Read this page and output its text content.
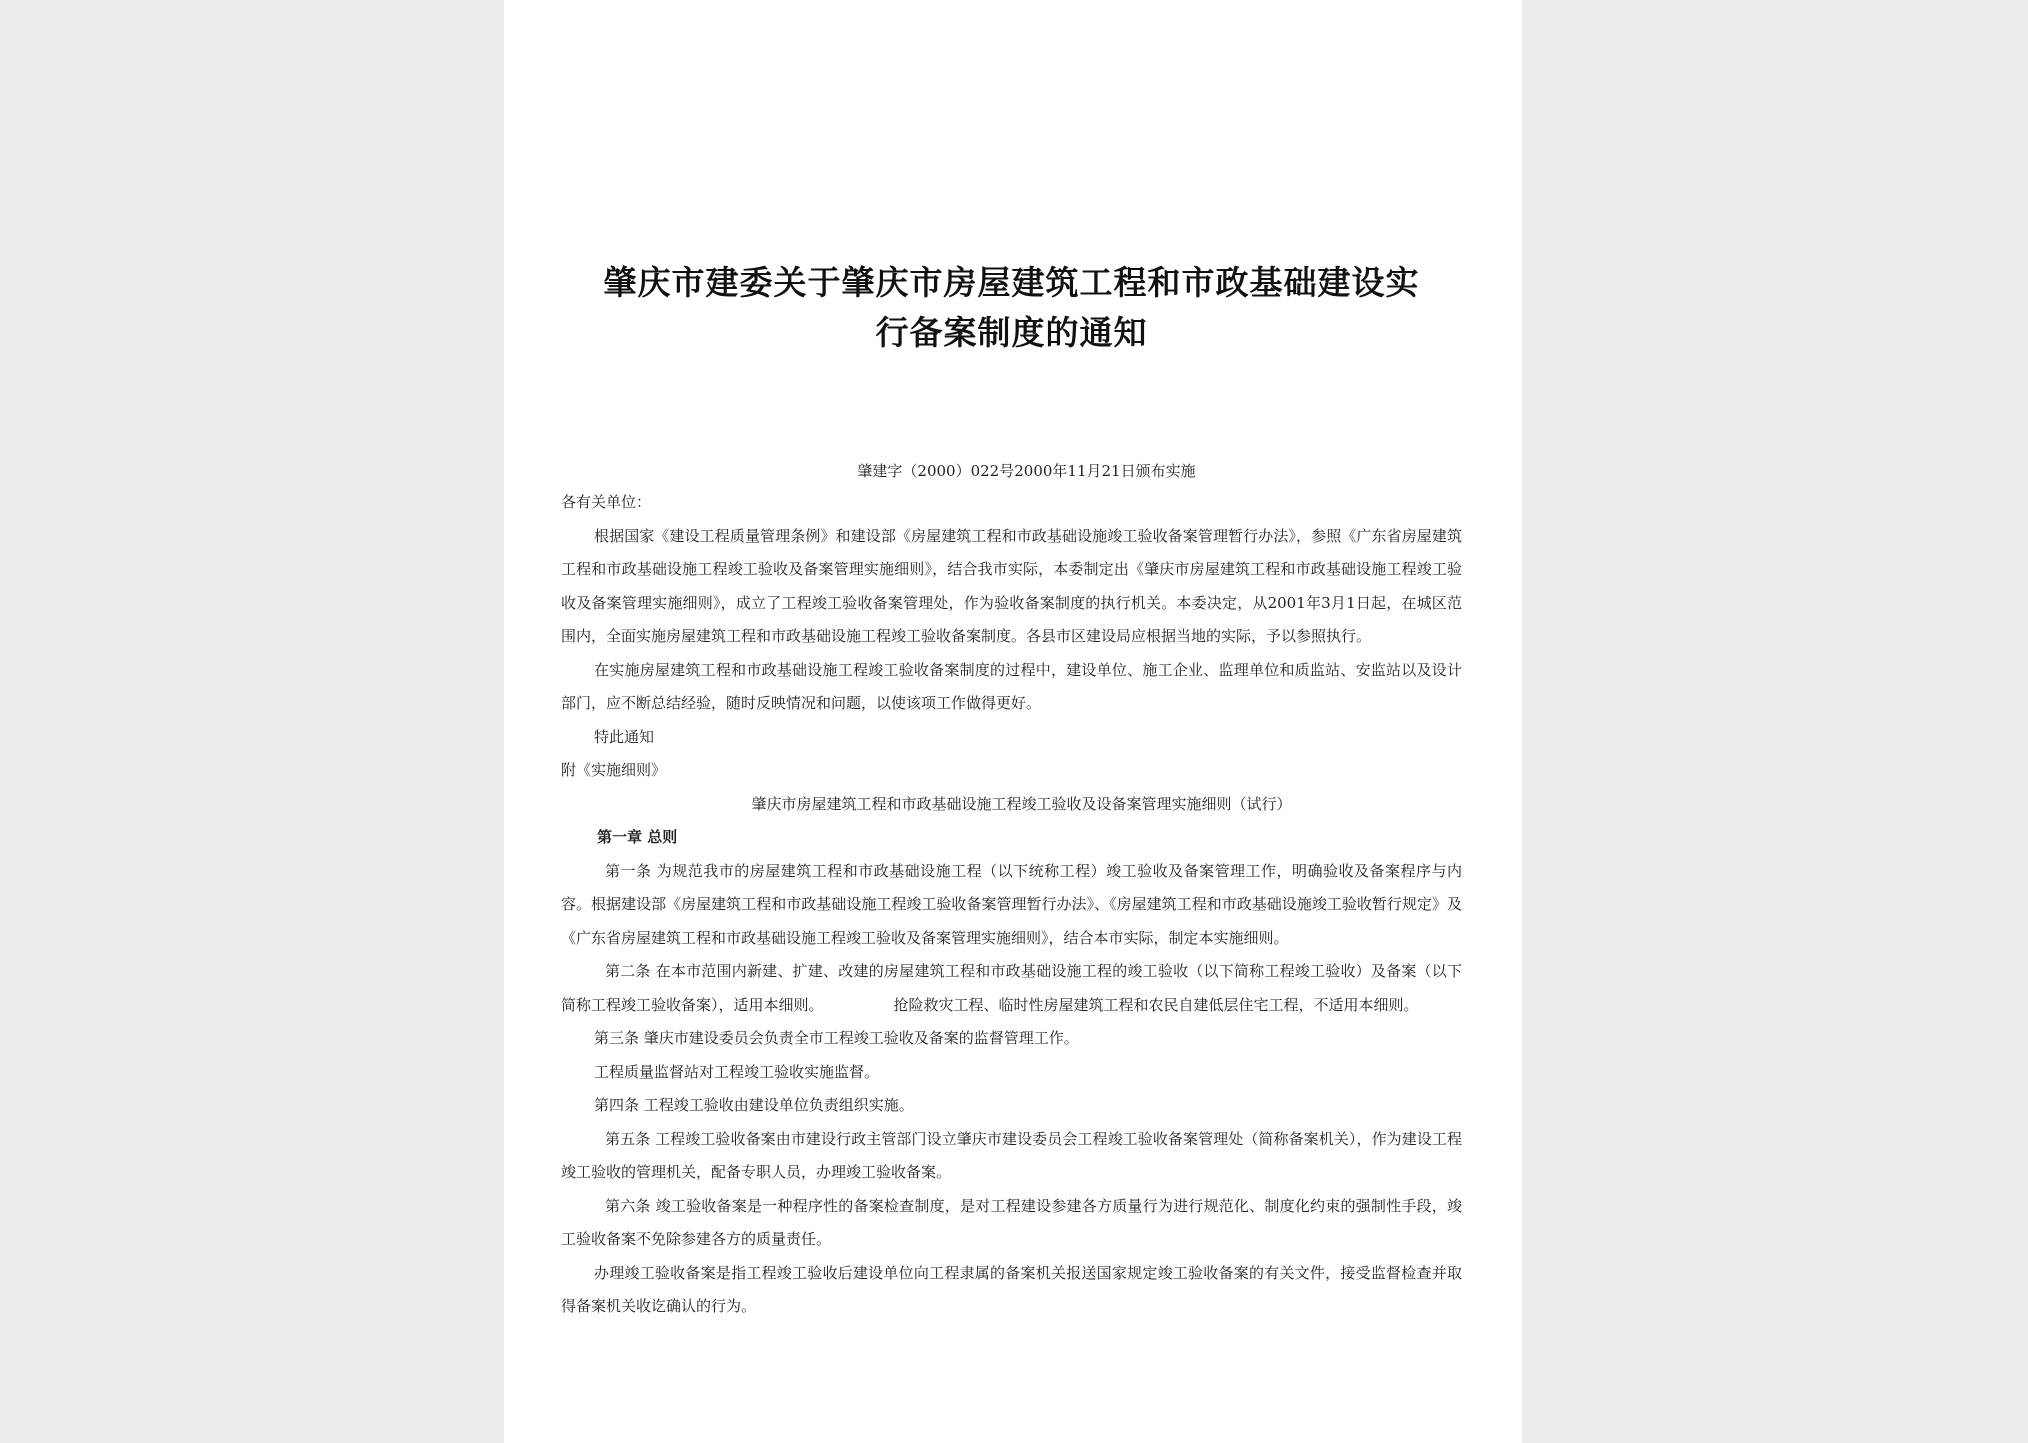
肇庆市建委关于肇庆市房屋建筑工程和市政基础建设实
行备案制度的通知
肇建字（2000）022号2000年11月21日颁布实施

各有关单位：

根据国家《建设工程质量管理条例》和建设部《房屋建筑工程和市政基础设施竣工验收备案管理暂行办法》，参照《广东省房屋建筑工程和市政基础设施工程竣工验收及备案管理实施细则》，结合我市实际，本委制定出《肇庆市房屋建筑工程和市政基础设施工程竣工验收及备案管理实施细则》，成立了工程竣工验收备案管理处，作为验收备案制度的执行机关。本委决定，从2001年3月1日起，在城区范围内，全面实施房屋建筑工程和市政基础设施工程竣工验收备案制度。各县市区建设局应根据当地的实际，予以参照执行。

在实施房屋建筑工程和市政基础设施工程竣工验收备案制度的过程中，建设单位、施工企业、监理单位和质监站、安监站以及设计部门，应不断总结经验，随时反映情况和问题，以使该项工作做得更好。

特此通知

附《实施细则》

肇庆市房屋建筑工程和市政基础设施工程竣工验收及设备案管理实施细则（试行）

第一章 总则

第一条 为规范我市的房屋建筑工程和市政基础设施工程（以下统称工程）竣工验收及备案管理工作，明确验收及备案程序与内容。根据建设部《房屋建筑工程和市政基础设施工程竣工验收备案管理暂行办法》、《房屋建筑工程和市政基础设施竣工验收暂行规定》及《广东省房屋建筑工程和市政基础设施工程竣工验收及备案管理实施细则》，结合本市实际，制定本实施细则。

第二条 在本市范围内新建、扩建、改建的房屋建筑工程和市政基础设施工程的竣工验收（以下简称工程竣工验收）及备案（以下简称工程竣工验收备案），适用本细则。	抢险救灾工程、临时性房屋建筑工程和农民自建低层住宅工程，不适用本细则。

第三条 肇庆市建设委员会负责全市工程竣工验收及备案的监督管理工作。

工程质量监督站对工程竣工验收实施监督。

第四条 工程竣工验收由建设单位负责组织实施。

第五条 工程竣工验收备案由市建设行政主管部门设立肇庆市建设委员会工程竣工验收备案管理处（简称备案机关），作为建设工程竣工验收的管理机关，配备专职人员，办理竣工验收备案。

第六条 竣工验收备案是一种程序性的备案检查制度，是对工程建设参建各方质量行为进行规范化、制度化约束的强制性手段，竣工验收备案不免除参建各方的质量责任。

办理竣工验收备案是指工程竣工验收后建设单位向工程隶属的备案机关报送国家规定竣工验收备案的有关文件，接受监督检查并取得备案机关收讫确认的行为。
